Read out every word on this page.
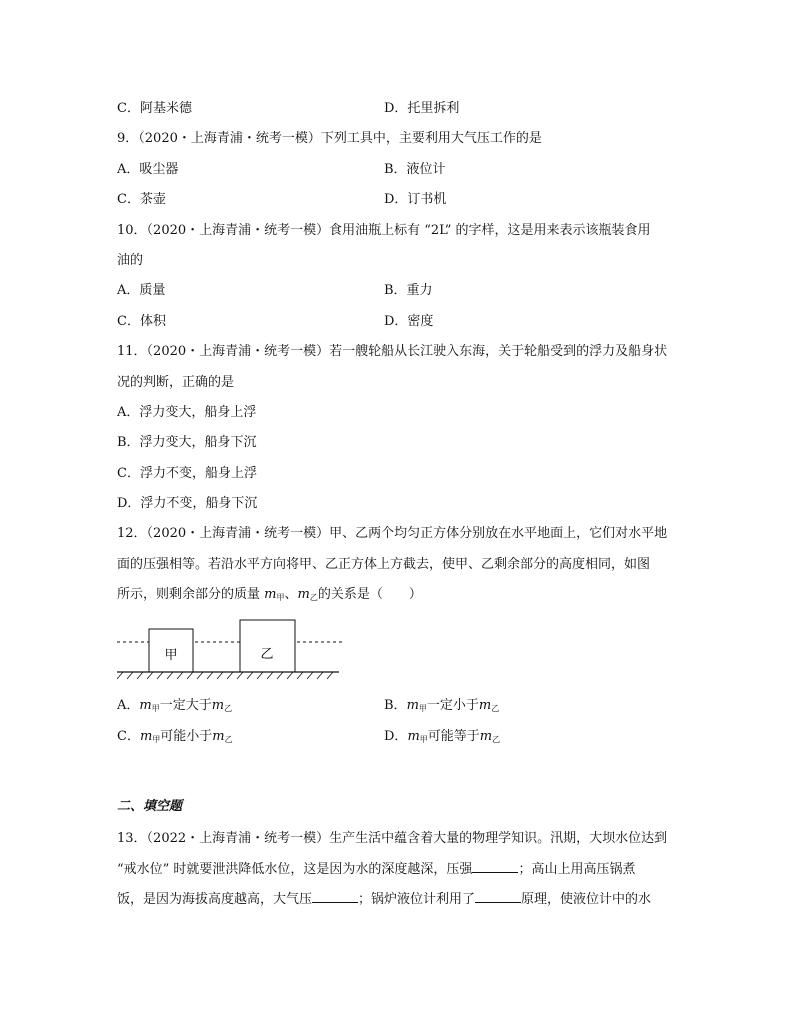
C．阿基米德	D．托里拆利
9．（2020・上海青浦・统考一模）下列工具中，主要利用大气压工作的是
A．吸尘器	B．液位计
C．茶壶	D．订书机
10．（2020・上海青浦・统考一模）食用油瓶上标有 “2L” 的字样，这是用来表示该瓶装食用
油的
A．质量	B．重力
C．体积	D．密度
11．（2020・上海青浦・统考一模）若一艘轮船从长江驶入东海，关于轮船受到的浮力及船身状
况的判断，正确的是
A．浮力变大，船身上浮
B．浮力变大，船身下沉
C．浮力不变，船身上浮
D．浮力不变，船身下沉
12．（2020・上海青浦・统考一模）甲、乙两个均匀正方体分别放在水平地面上，它们对水平地
面的压强相等。若沿水平方向将甲、乙正方体上方截去，使甲、乙剩余部分的高度相同，如图
所示，则剩余部分的质量 $m_甲$、$m_乙$的关系是（　　）
甲	乙
A．$m_甲$一定大于$m_乙$	B．$m_甲$一定小于$m_乙$
C．$m_甲$可能小于$m_乙$	D．$m_甲$可能等于$m_乙$
二、填空题
13．（2022・上海青浦・统考一模）生产生活中蕴含着大量的物理学知识。汛期，大坝水位达到
“戒水位” 时就要泄洪降低水位，这是因为水的深度越深，压强	；高山上用高压锅煮
饭，是因为海拔高度越高，大气压	；锅炉液位计利用了	原理，使液位计中的水
